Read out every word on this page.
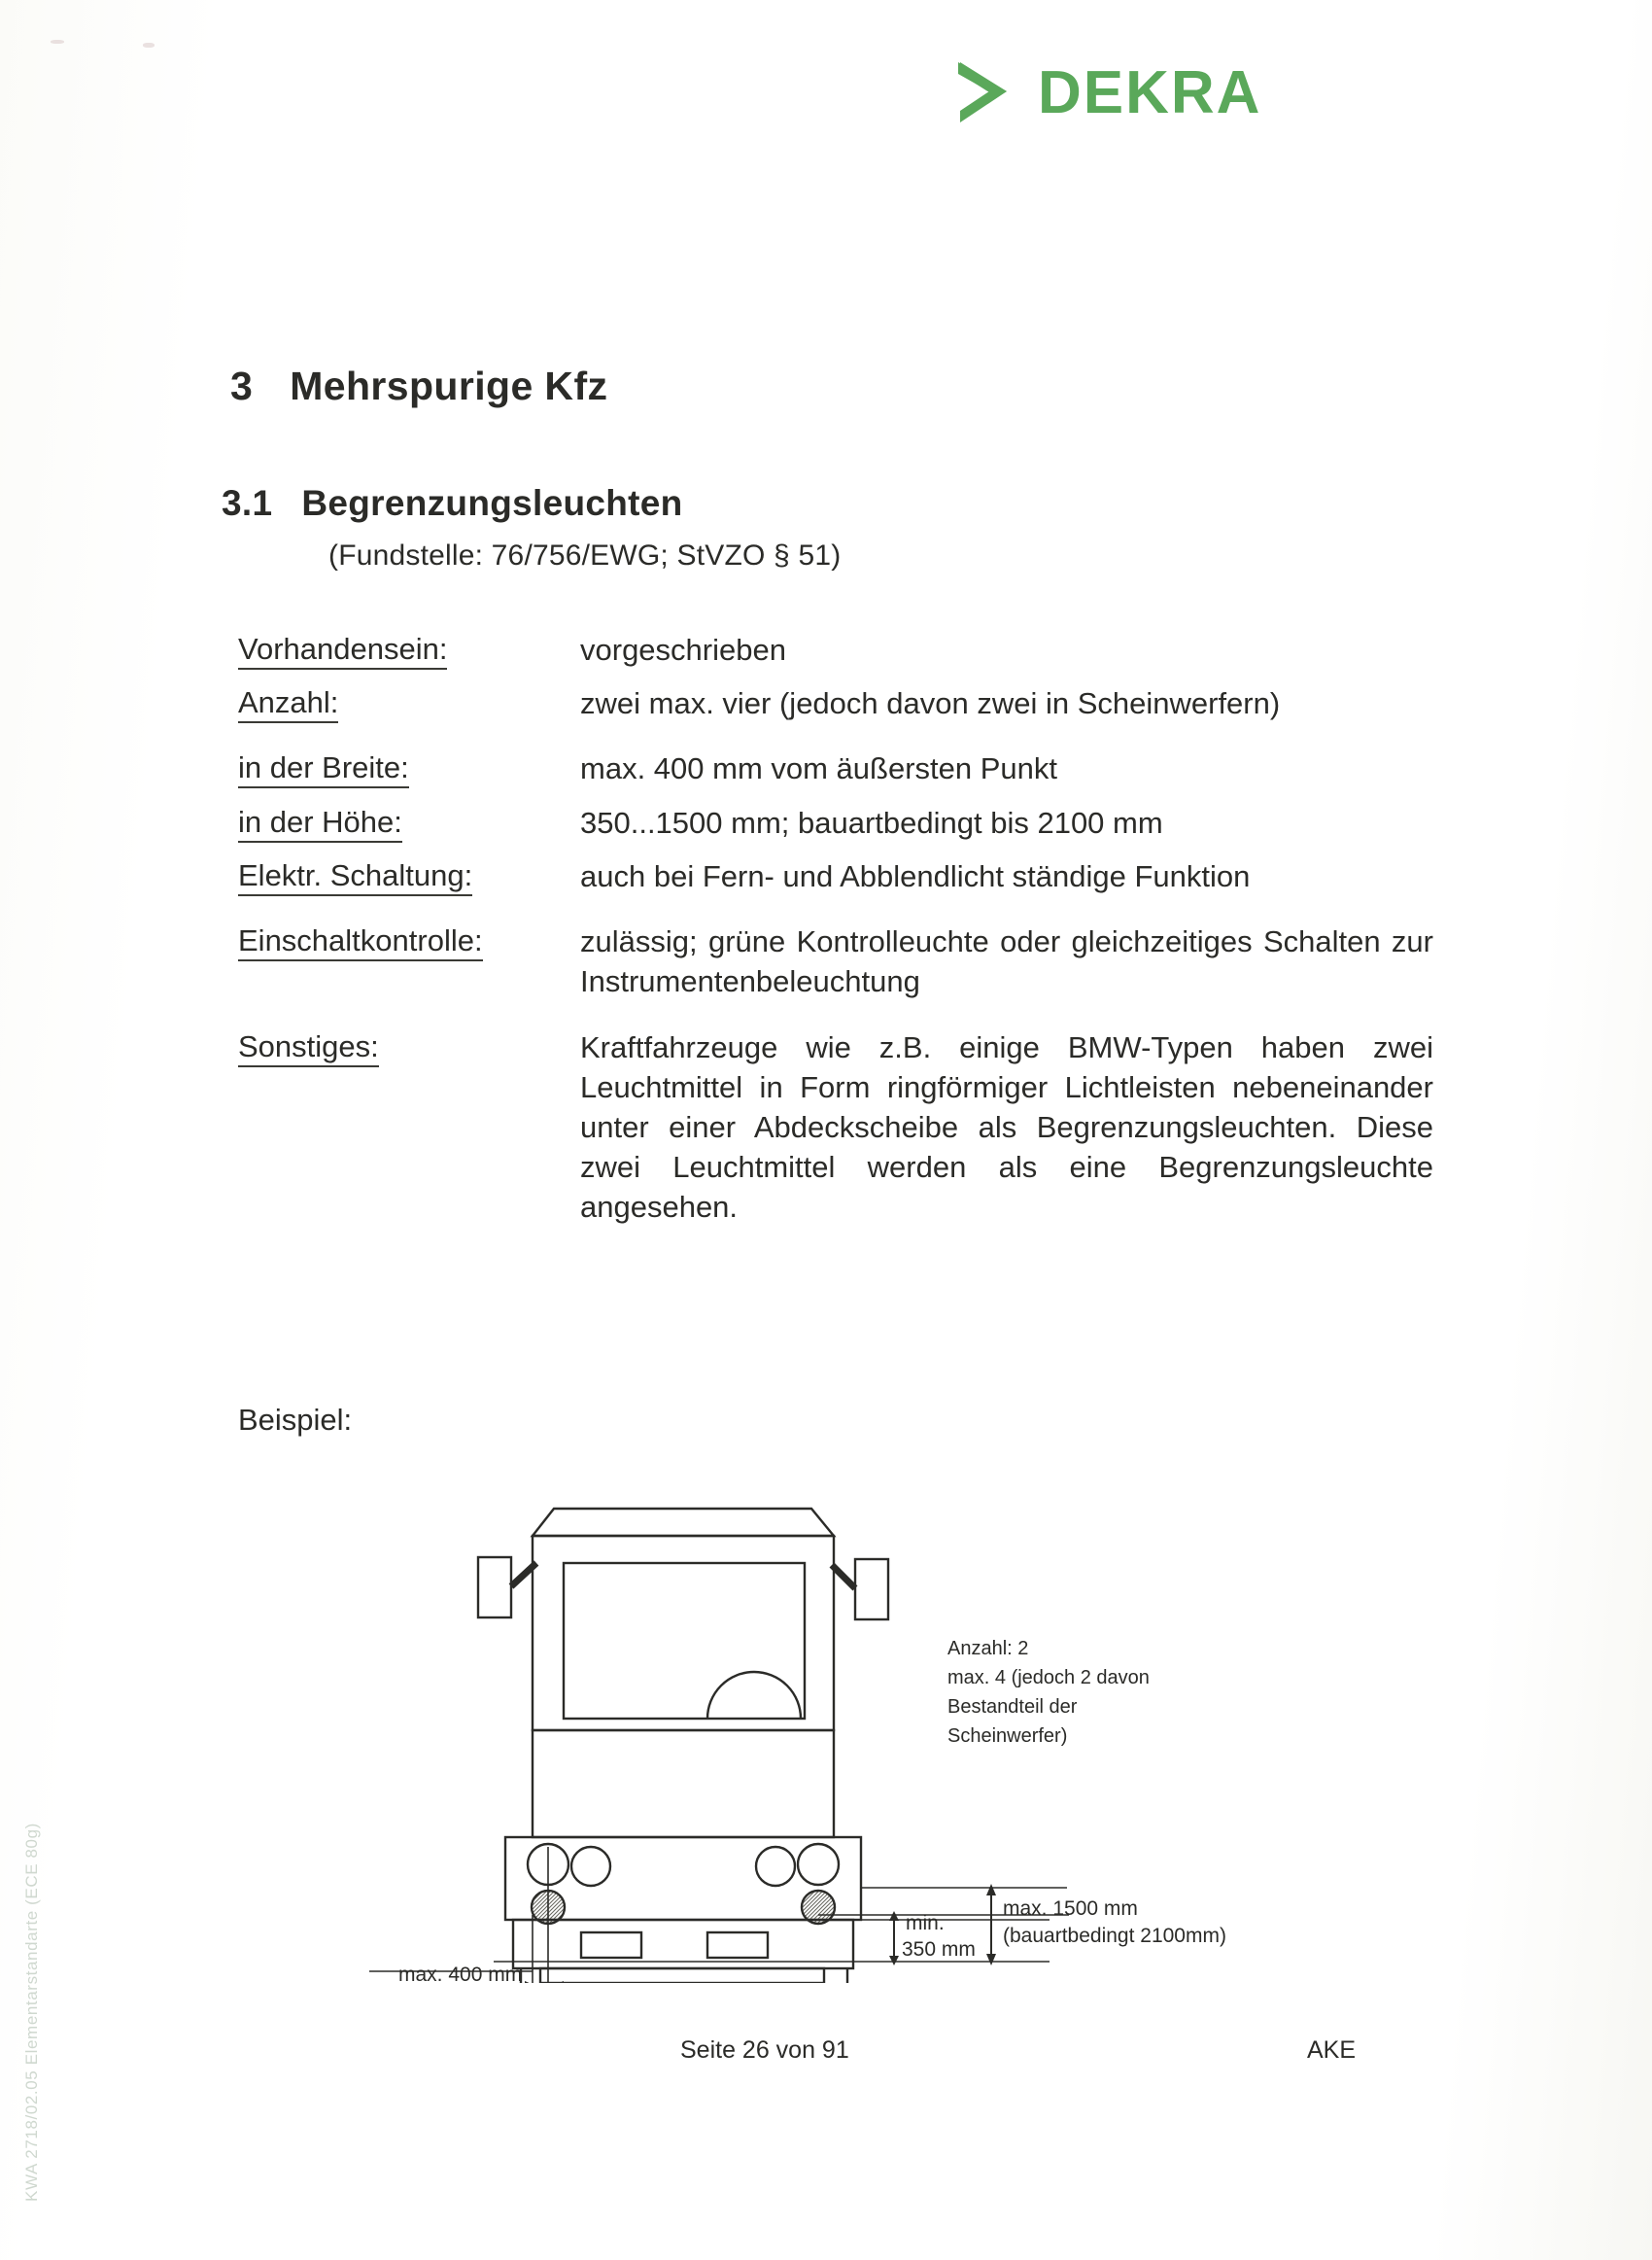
DEKRA
3 Mehrspurige Kfz
3.1 Begrenzungsleuchten
(Fundstelle: 76/756/EWG; StVZO § 51)
Vorhandensein:	vorgeschrieben
Anzahl:	zwei max. vier (jedoch davon zwei in Scheinwerfern)
in der Breite:	max. 400 mm vom äußersten Punkt
in der Höhe:	350...1500 mm; bauartbedingt bis 2100 mm
Elektr. Schaltung:	auch bei Fern- und Abblendlicht ständige Funktion
Einschaltkontrolle:	zulässig; grüne Kontrolleuchte oder gleichzeitiges Schalten zur Instrumentenbeleuchtung
Sonstiges:	Kraftfahrzeuge wie z.B. einige BMW-Typen haben zwei Leuchtmittel in Form ringförmiger Lichtleisten nebeneinander unter einer Abdeckscheibe als Begrenzungsleuchten. Diese zwei Leuchtmittel werden als eine Begrenzungsleuchte angesehen.
Beispiel:
Anzahl: 2
max. 4 (jedoch 2 davon
Bestandteil der
Scheinwerfer)
min.
350 mm
max. 1500 mm
(bauartbedingt 2100mm)
max. 400 mm
Seite 26 von 91	AKE
KWA 2718/02.05 Elementarstandarte (ECE 80g)
